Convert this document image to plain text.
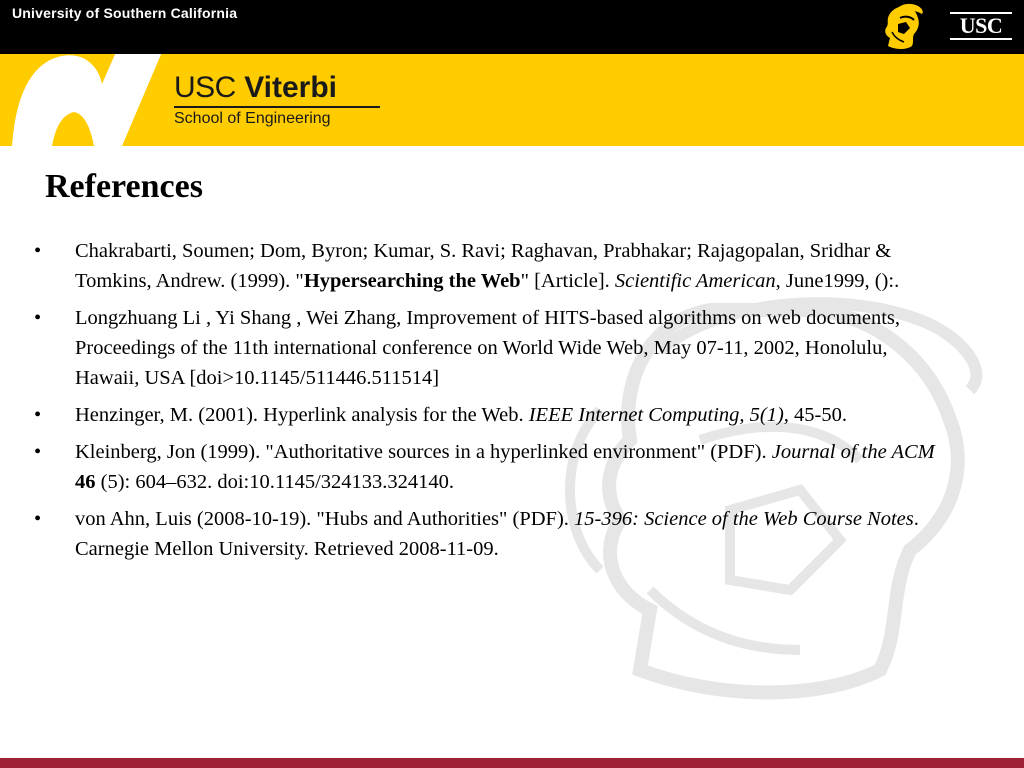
University of Southern California	USC
USC Viterbi
School of Engineering
References
• Chakrabarti, Soumen; Dom, Byron; Kumar, S. Ravi; Raghavan, Prabhakar; Rajagopalan, Sridhar & Tomkins, Andrew. (1999). "Hypersearching the Web" [Article]. Scientific American, June1999, ():.
• Longzhuang Li , Yi Shang , Wei Zhang, Improvement of HITS-based algorithms on web documents, Proceedings of the 11th international conference on World Wide Web, May 07-11, 2002, Honolulu, Hawaii, USA [doi>10.1145/511446.511514]
• Henzinger, M. (2001). Hyperlink analysis for the Web. IEEE Internet Computing, 5(1), 45-50.
• Kleinberg, Jon (1999). "Authoritative sources in a hyperlinked environment" (PDF). Journal of the ACM 46 (5): 604–632. doi:10.1145/324133.324140.
• von Ahn, Luis (2008-10-19). "Hubs and Authorities" (PDF). 15-396: Science of the Web Course Notes. Carnegie Mellon University. Retrieved 2008-11-09.
